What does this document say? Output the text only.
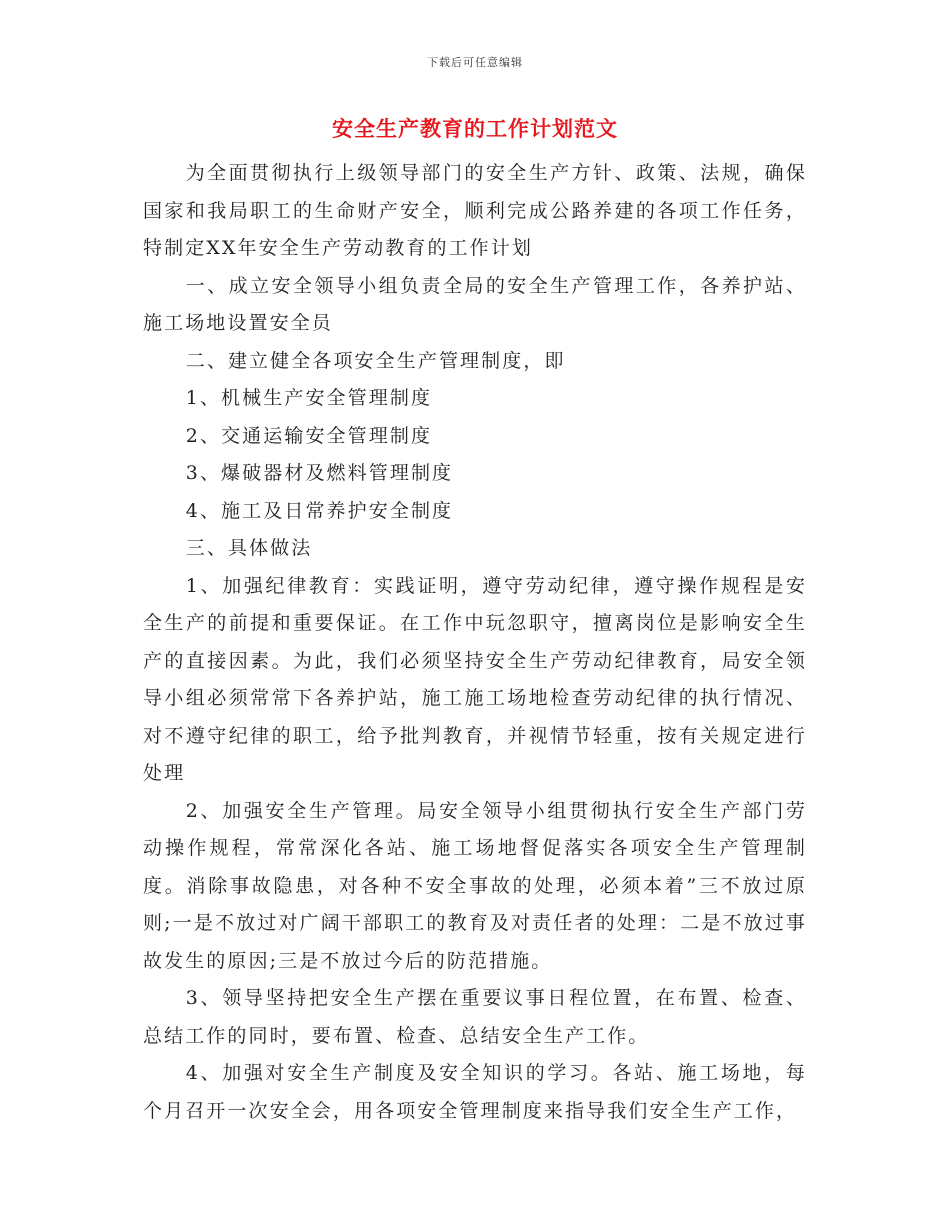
下载后可任意编辑
安全生产教育的工作计划范文

为全面贯彻执行上级领导部门的安全生产方针、政策、法规，确保国家和我局职工的生命财产安全，顺利完成公路养建的各项工作任务，特制定XX年安全生产劳动教育的工作计划

一、成立安全领导小组负责全局的安全生产管理工作，各养护站、施工场地设置安全员

二、建立健全各项安全生产管理制度，即

1、机械生产安全管理制度

2、交通运输安全管理制度

3、爆破器材及燃料管理制度

4、施工及日常养护安全制度

三、具体做法

1、加强纪律教育：实践证明，遵守劳动纪律，遵守操作规程是安全生产的前提和重要保证。在工作中玩忽职守，擅离岗位是影响安全生产的直接因素。为此，我们必须坚持安全生产劳动纪律教育，局安全领导小组必须常常下各养护站，施工施工场地检查劳动纪律的执行情况、对不遵守纪律的职工，给予批判教育，并视情节轻重，按有关规定进行处理

2、加强安全生产管理。局安全领导小组贯彻执行安全生产部门劳动操作规程，常常深化各站、施工场地督促落实各项安全生产管理制度。消除事故隐患，对各种不安全事故的处理，必须本着”三不放过原则;一是不放过对广阔干部职工的教育及对责任者的处理：二是不放过事故发生的原因;三是不放过今后的防范措施。

3、领导坚持把安全生产摆在重要议事日程位置，在布置、检查、总结工作的同时，要布置、检查、总结安全生产工作。

4、加强对安全生产制度及安全知识的学习。各站、施工场地，每个月召开一次安全会，用各项安全管理制度来指导我们安全生产工作，
